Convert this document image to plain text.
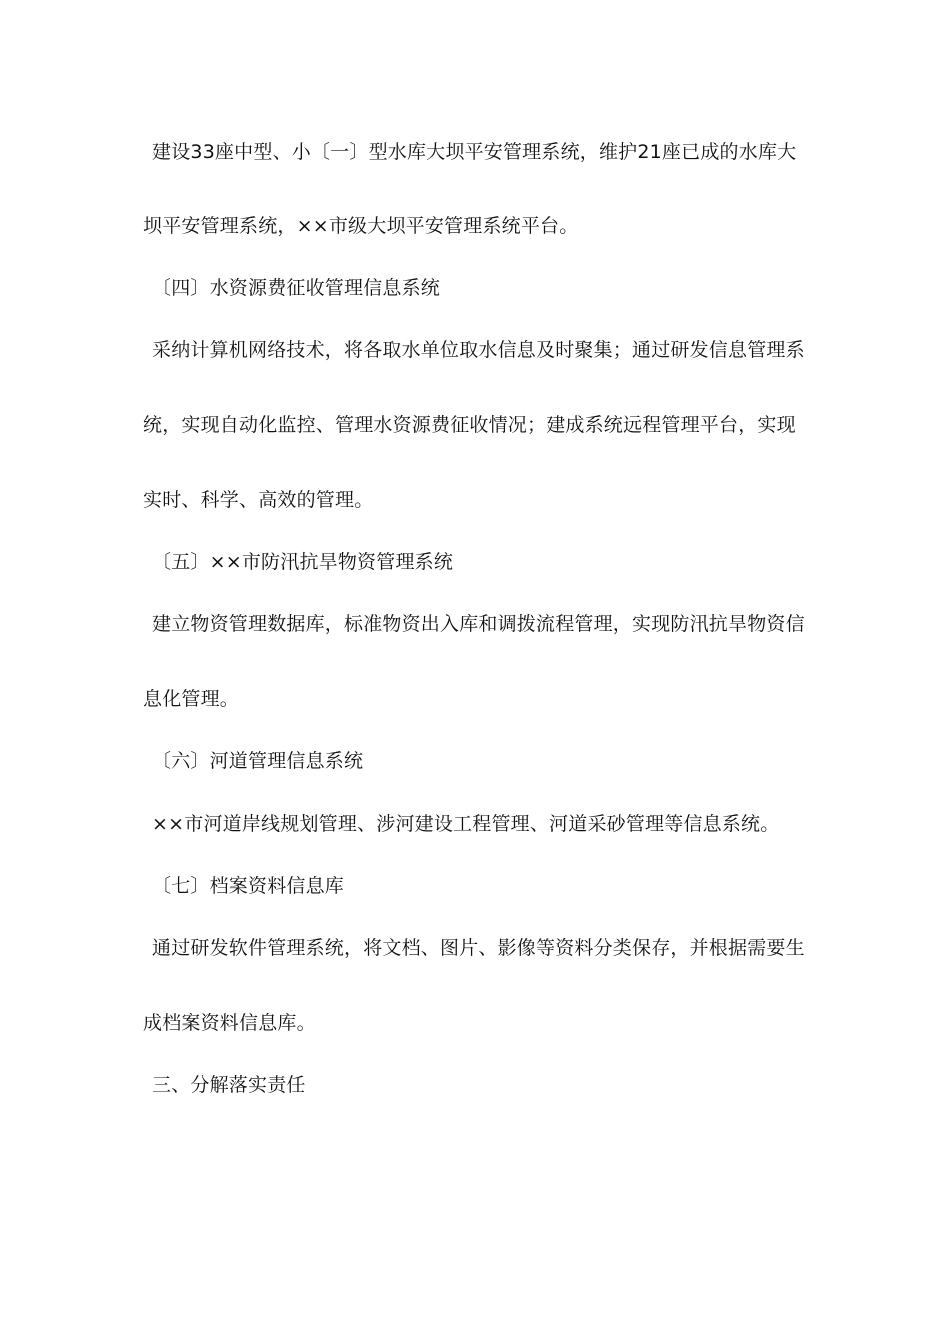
建设33座中型、小〔一〕型水库大坝平安管理系统，维护21座已成的水库大
坝平安管理系统，××市级大坝平安管理系统平台。
〔四〕水资源费征收管理信息系统
采纳计算机网络技术，将各取水单位取水信息及时聚集；通过研发信息管理系
统，实现自动化监控、管理水资源费征收情况；建成系统远程管理平台，实现
实时、科学、高效的管理。
〔五〕××市防汛抗旱物资管理系统
建立物资管理数据库，标准物资出入库和调拨流程管理，实现防汛抗旱物资信
息化管理。
〔六〕河道管理信息系统
××市河道岸线规划管理、涉河建设工程管理、河道采砂管理等信息系统。
〔七〕档案资料信息库
通过研发软件管理系统，将文档、图片、影像等资料分类保存，并根据需要生
成档案资料信息库。
三、分解落实责任
